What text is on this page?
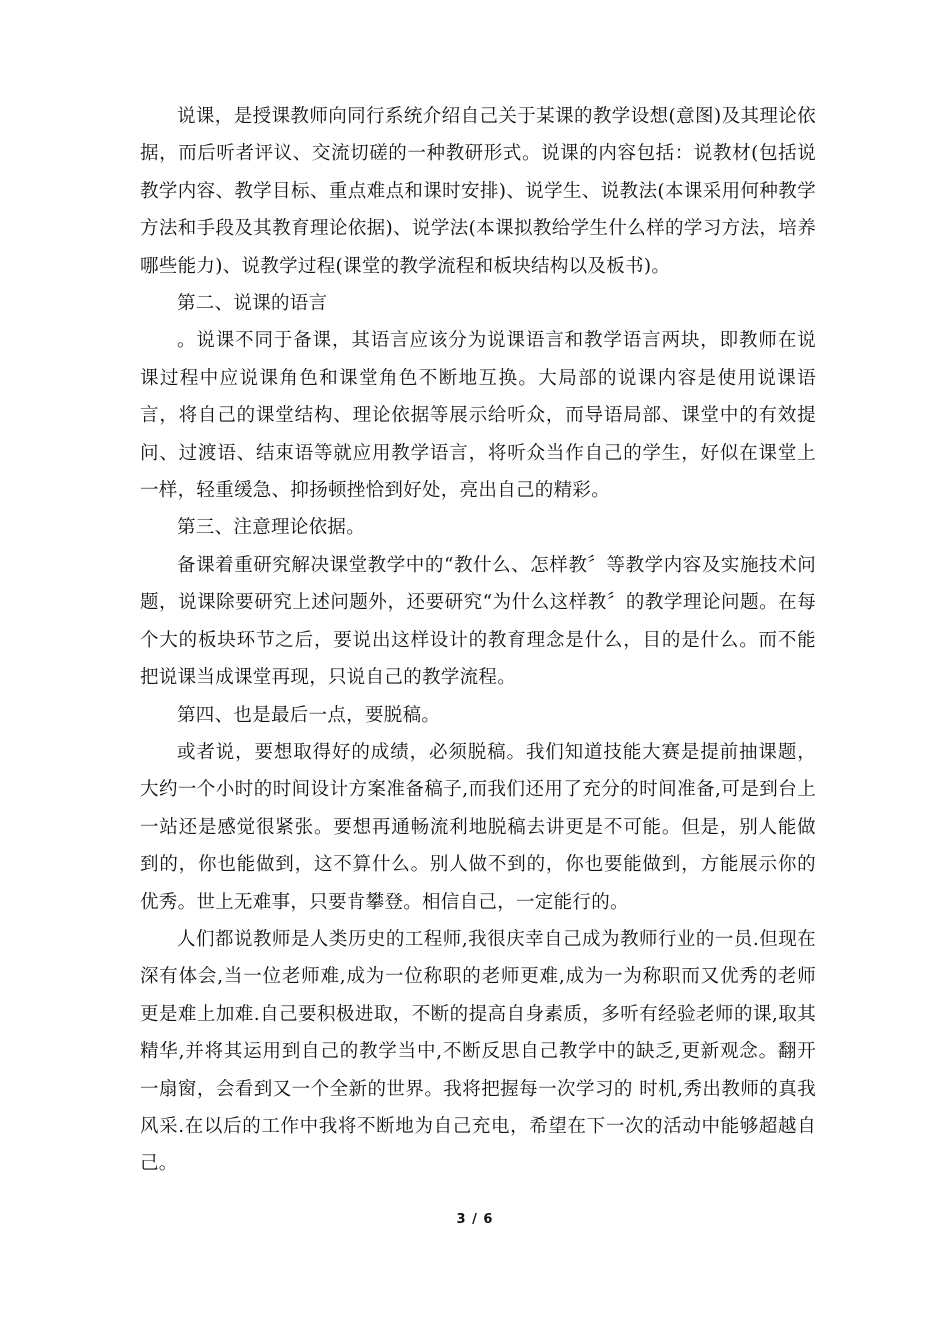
说课，是授课教师向同行系统介绍自己关于某课的教学设想(意图)及其理论依据，而后听者评议、交流切磋的一种教研形式。说课的内容包括：说教材(包括说教学内容、教学目标、重点难点和课时安排)、说学生、说教法(本课采用何种教学方法和手段及其教育理论依据)、说学法(本课拟教给学生什么样的学习方法，培养哪些能力)、说教学过程(课堂的教学流程和板块结构以及板书)。

第二、说课的语言

。说课不同于备课，其语言应该分为说课语言和教学语言两块，即教师在说课过程中应说课角色和课堂角色不断地互换。大局部的说课内容是使用说课语言，将自己的课堂结构、理论依据等展示给听众，而导语局部、课堂中的有效提问、过渡语、结束语等就应用教学语言，将听众当作自己的学生，好似在课堂上一样，轻重缓急、抑扬顿挫恰到好处，亮出自己的精彩。

第三、注意理论依据。

备课着重研究解决课堂教学中的“教什么、怎样教〞等教学内容及实施技术问题，说课除要研究上述问题外，还要研究“为什么这样教〞的教学理论问题。在每个大的板块环节之后，要说出这样设计的教育理念是什么，目的是什么。而不能把说课当成课堂再现，只说自己的教学流程。

第四、也是最后一点，要脱稿。

或者说，要想取得好的成绩，必须脱稿。我们知道技能大赛是提前抽课题，大约一个小时的时间设计方案准备稿子,而我们还用了充分的时间准备,可是到台上一站还是感觉很紧张。要想再通畅流利地脱稿去讲更是不可能。但是，别人能做到的，你也能做到，这不算什么。别人做不到的，你也要能做到，方能展示你的优秀。世上无难事，只要肯攀登。相信自己，一定能行的。

人们都说教师是人类历史的工程师,我很庆幸自己成为教师行业的一员.但现在深有体会,当一位老师难,成为一位称职的老师更难,成为一为称职而又优秀的老师更是难上加难.自己要积极进取，不断的提高自身素质，多听有经验老师的课,取其精华,并将其运用到自己的教学当中,不断反思自己教学中的缺乏,更新观念。翻开一扇窗，会看到又一个全新的世界。我将把握每一次学习的 时机,秀出教师的真我风采.在以后的工作中我将不断地为自己充电，希望在下一次的活动中能够超越自己。

3 / 6
